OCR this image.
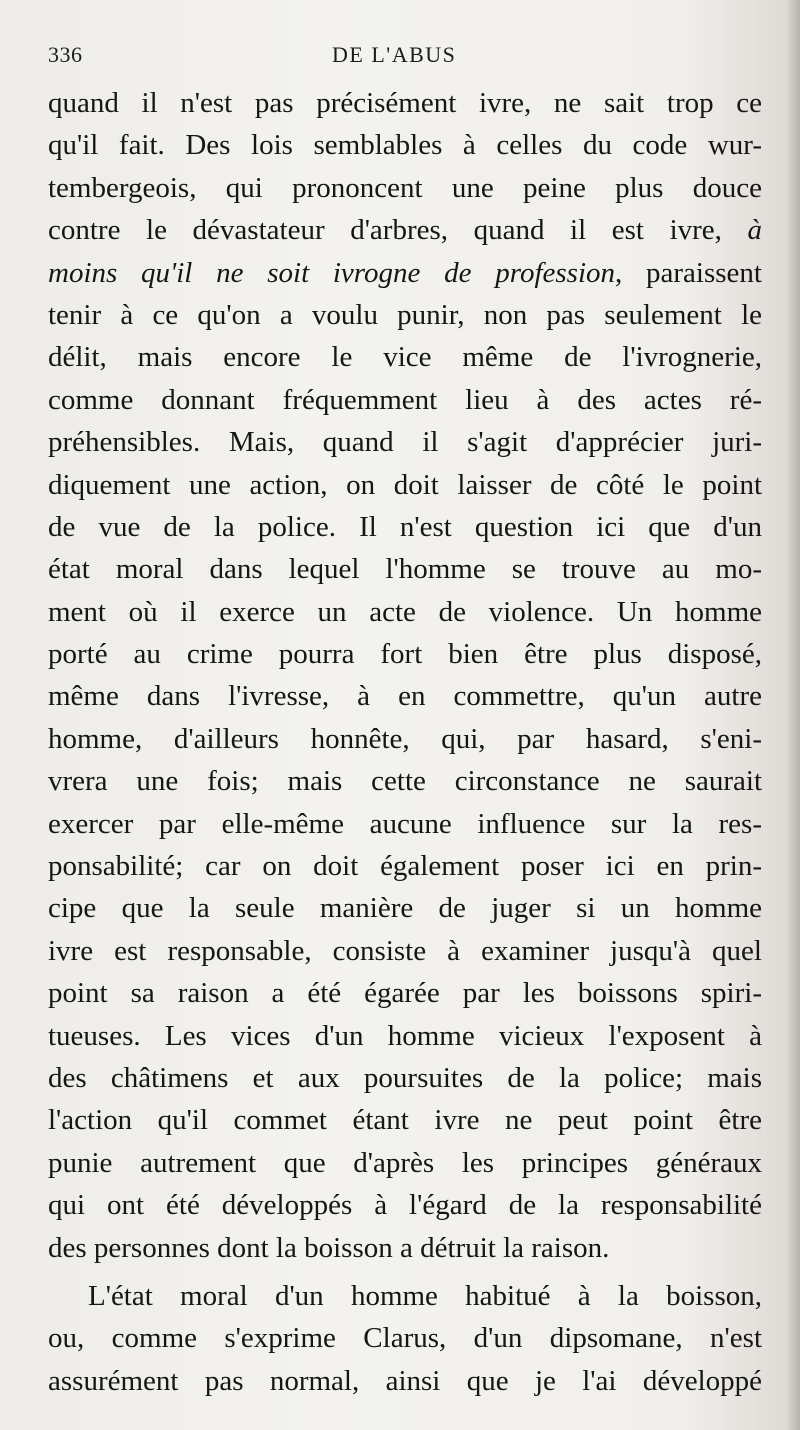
336	DE L'ABUS
quand il n'est pas précisément ivre, ne sait trop ce
qu'il fait. Des lois semblables à celles du code wur-
tembergeois, qui prononcent une peine plus douce
contre le dévastateur d'arbres, quand il est ivre, à
moins qu'il ne soit ivrogne de profession, paraissent
tenir à ce qu'on a voulu punir, non pas seulement le
délit, mais encore le vice même de l'ivrognerie,
comme donnant fréquemment lieu à des actes ré-
préhensibles. Mais, quand il s'agit d'apprécier juri-
diquement une action, on doit laisser de côté le point
de vue de la police. Il n'est question ici que d'un
état moral dans lequel l'homme se trouve au mo-
ment où il exerce un acte de violence. Un homme
porté au crime pourra fort bien être plus disposé,
même dans l'ivresse, à en commettre, qu'un autre
homme, d'ailleurs honnête, qui, par hasard, s'eni-
vrera une fois; mais cette circonstance ne saurait
exercer par elle-même aucune influence sur la res-
ponsabilité; car on doit également poser ici en prin-
cipe que la seule manière de juger si un homme
ivre est responsable, consiste à examiner jusqu'à quel
point sa raison a été égarée par les boissons spiri-
tueuses. Les vices d'un homme vicieux l'exposent à
des châtimens et aux poursuites de la police; mais
l'action qu'il commet étant ivre ne peut point être
punie autrement que d'après les principes généraux
qui ont été développés à l'égard de la responsabilité
des personnes dont la boisson a détruit la raison.
L'état moral d'un homme habitué à la boisson,
ou, comme s'exprime Clarus, d'un dipsomane, n'est
assurément pas normal, ainsi que je l'ai développé
